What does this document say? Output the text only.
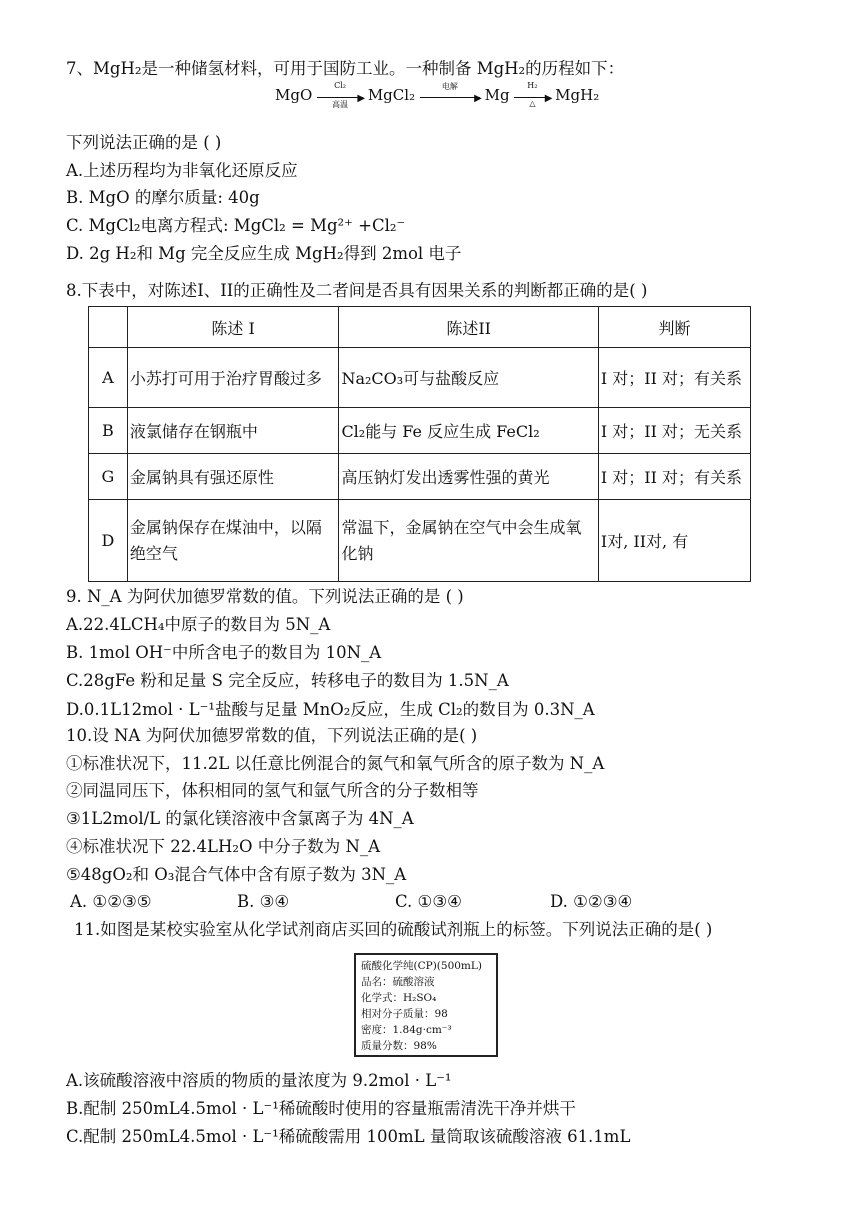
7、MgH₂是一种储氢材料，可用于国防工业。一种制备 MgH₂的历程如下：
MgO
Cl₂
▶
高温
MgCl₂	电解
▶ Mg
H₂
▶
△	MgH₂
下列说法正确的是 ( )
A.上述历程均为非氧化还原反应
B. MgO 的摩尔质量: 40g
C. MgCl₂电离方程式: MgCl₂ = Mg²⁺ +Cl₂⁻
D. 2g H₂和 Mg 完全反应生成 MgH₂得到 2mol 电子
8.下表中，对陈述I、II的正确性及二者间是否具有因果关系的判断都正确的是( )
	陈述 I	陈述II	判断
A	小苏打可用于治疗胃酸过多	Na₂CO₃可与盐酸反应	I 对；II 对；有关系
B	液氯储存在钢瓶中	Cl₂能与 Fe 反应生成 FeCl₂	I 对；II 对；无关系
G	金属钠具有强还原性	高压钠灯发出透雾性强的黄光	I 对；II 对；有关系
D	金属钠保存在煤油中，以隔绝空气	常温下，金属钠在空气中会生成氧化钠	I对, II对, 有
9. N_A 为阿伏加德罗常数的值。下列说法正确的是 ( )
A.22.4LCH₄中原子的数目为 5N_A
B. 1mol OH⁻中所含电子的数目为 10N_A
C.28gFe 粉和足量 S 完全反应，转移电子的数目为 1.5N_A
D.0.1L12mol · L⁻¹盐酸与足量 MnO₂反应，生成 Cl₂的数目为 0.3N_A
10.设 NA 为阿伏加德罗常数的值，下列说法正确的是( )
①标准状况下，11.2L 以任意比例混合的氮气和氧气所含的原子数为 N_A
②同温同压下，体积相同的氢气和氩气所含的分子数相等
③1L2mol/L 的氯化镁溶液中含氯离子为 4N_A
④标准状况下 22.4LH₂O 中分子数为 N_A
⑤48gO₂和 O₃混合气体中含有原子数为 3N_A
A. ①②③⑤	B. ③④	C. ①③④	D. ①②③④
11.如图是某校实验室从化学试剂商店买回的硫酸试剂瓶上的标签。下列说法正确的是( )
硫酸化学纯(CP)(500mL)
品名：硫酸溶液
化学式：H₂SO₄
相对分子质量：98
密度：1.84g·cm⁻³
质量分数：98%
A.该硫酸溶液中溶质的物质的量浓度为 9.2mol · L⁻¹
B.配制 250mL4.5mol · L⁻¹稀硫酸时使用的容量瓶需清洗干净并烘干
C.配制 250mL4.5mol · L⁻¹稀硫酸需用 100mL 量筒取该硫酸溶液 61.1mL
